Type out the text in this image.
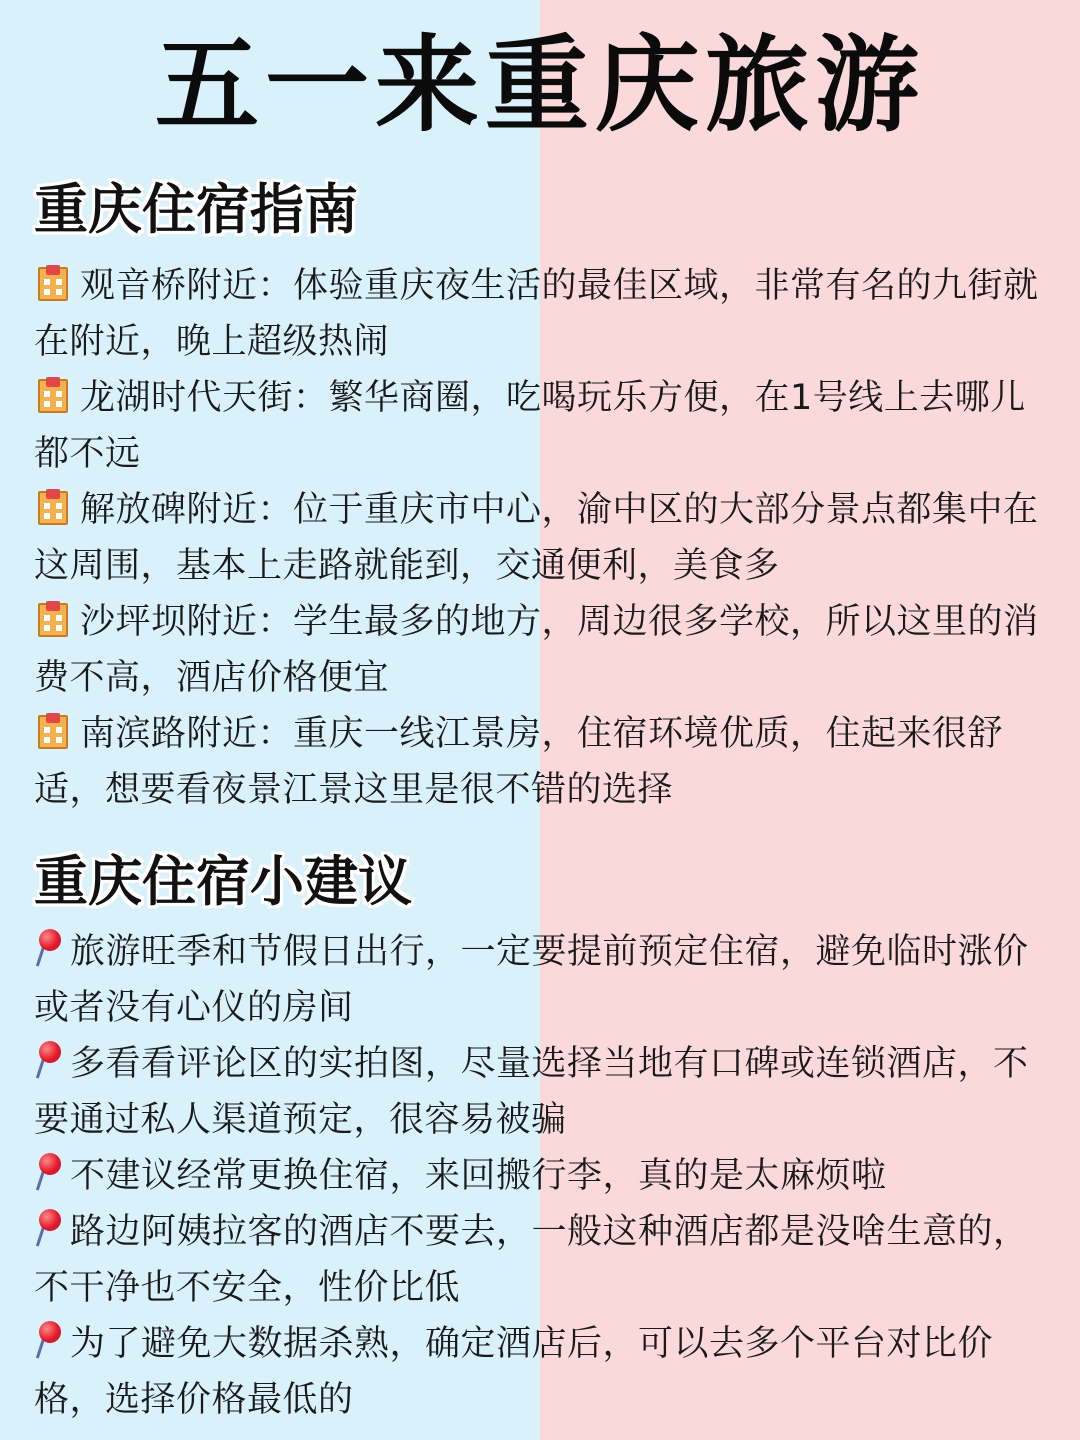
五一来重庆旅游
重庆住宿指南
观音桥附近：体验重庆夜生活的最佳区域，非常有名的九街就在附近，晚上超级热闹
龙湖时代天街：繁华商圈，吃喝玩乐方便，在1号线上去哪儿都不远
解放碑附近：位于重庆市中心，渝中区的大部分景点都集中在这周围，基本上走路就能到，交通便利，美食多
沙坪坝附近：学生最多的地方，周边很多学校，所以这里的消费不高，酒店价格便宜
南滨路附近：重庆一线江景房，住宿环境优质，住起来很舒适，想要看夜景江景这里是很不错的选择
重庆住宿小建议
旅游旺季和节假日出行，一定要提前预定住宿，避免临时涨价或者没有心仪的房间
多看看评论区的实拍图，尽量选择当地有口碑或连锁酒店，不要通过私人渠道预定，很容易被骗
不建议经常更换住宿，来回搬行李，真的是太麻烦啦
路边阿姨拉客的酒店不要去，一般这种酒店都是没啥生意的，不干净也不安全，性价比低
为了避免大数据杀熟，确定酒店后，可以去多个平台对比价格，选择价格最低的
